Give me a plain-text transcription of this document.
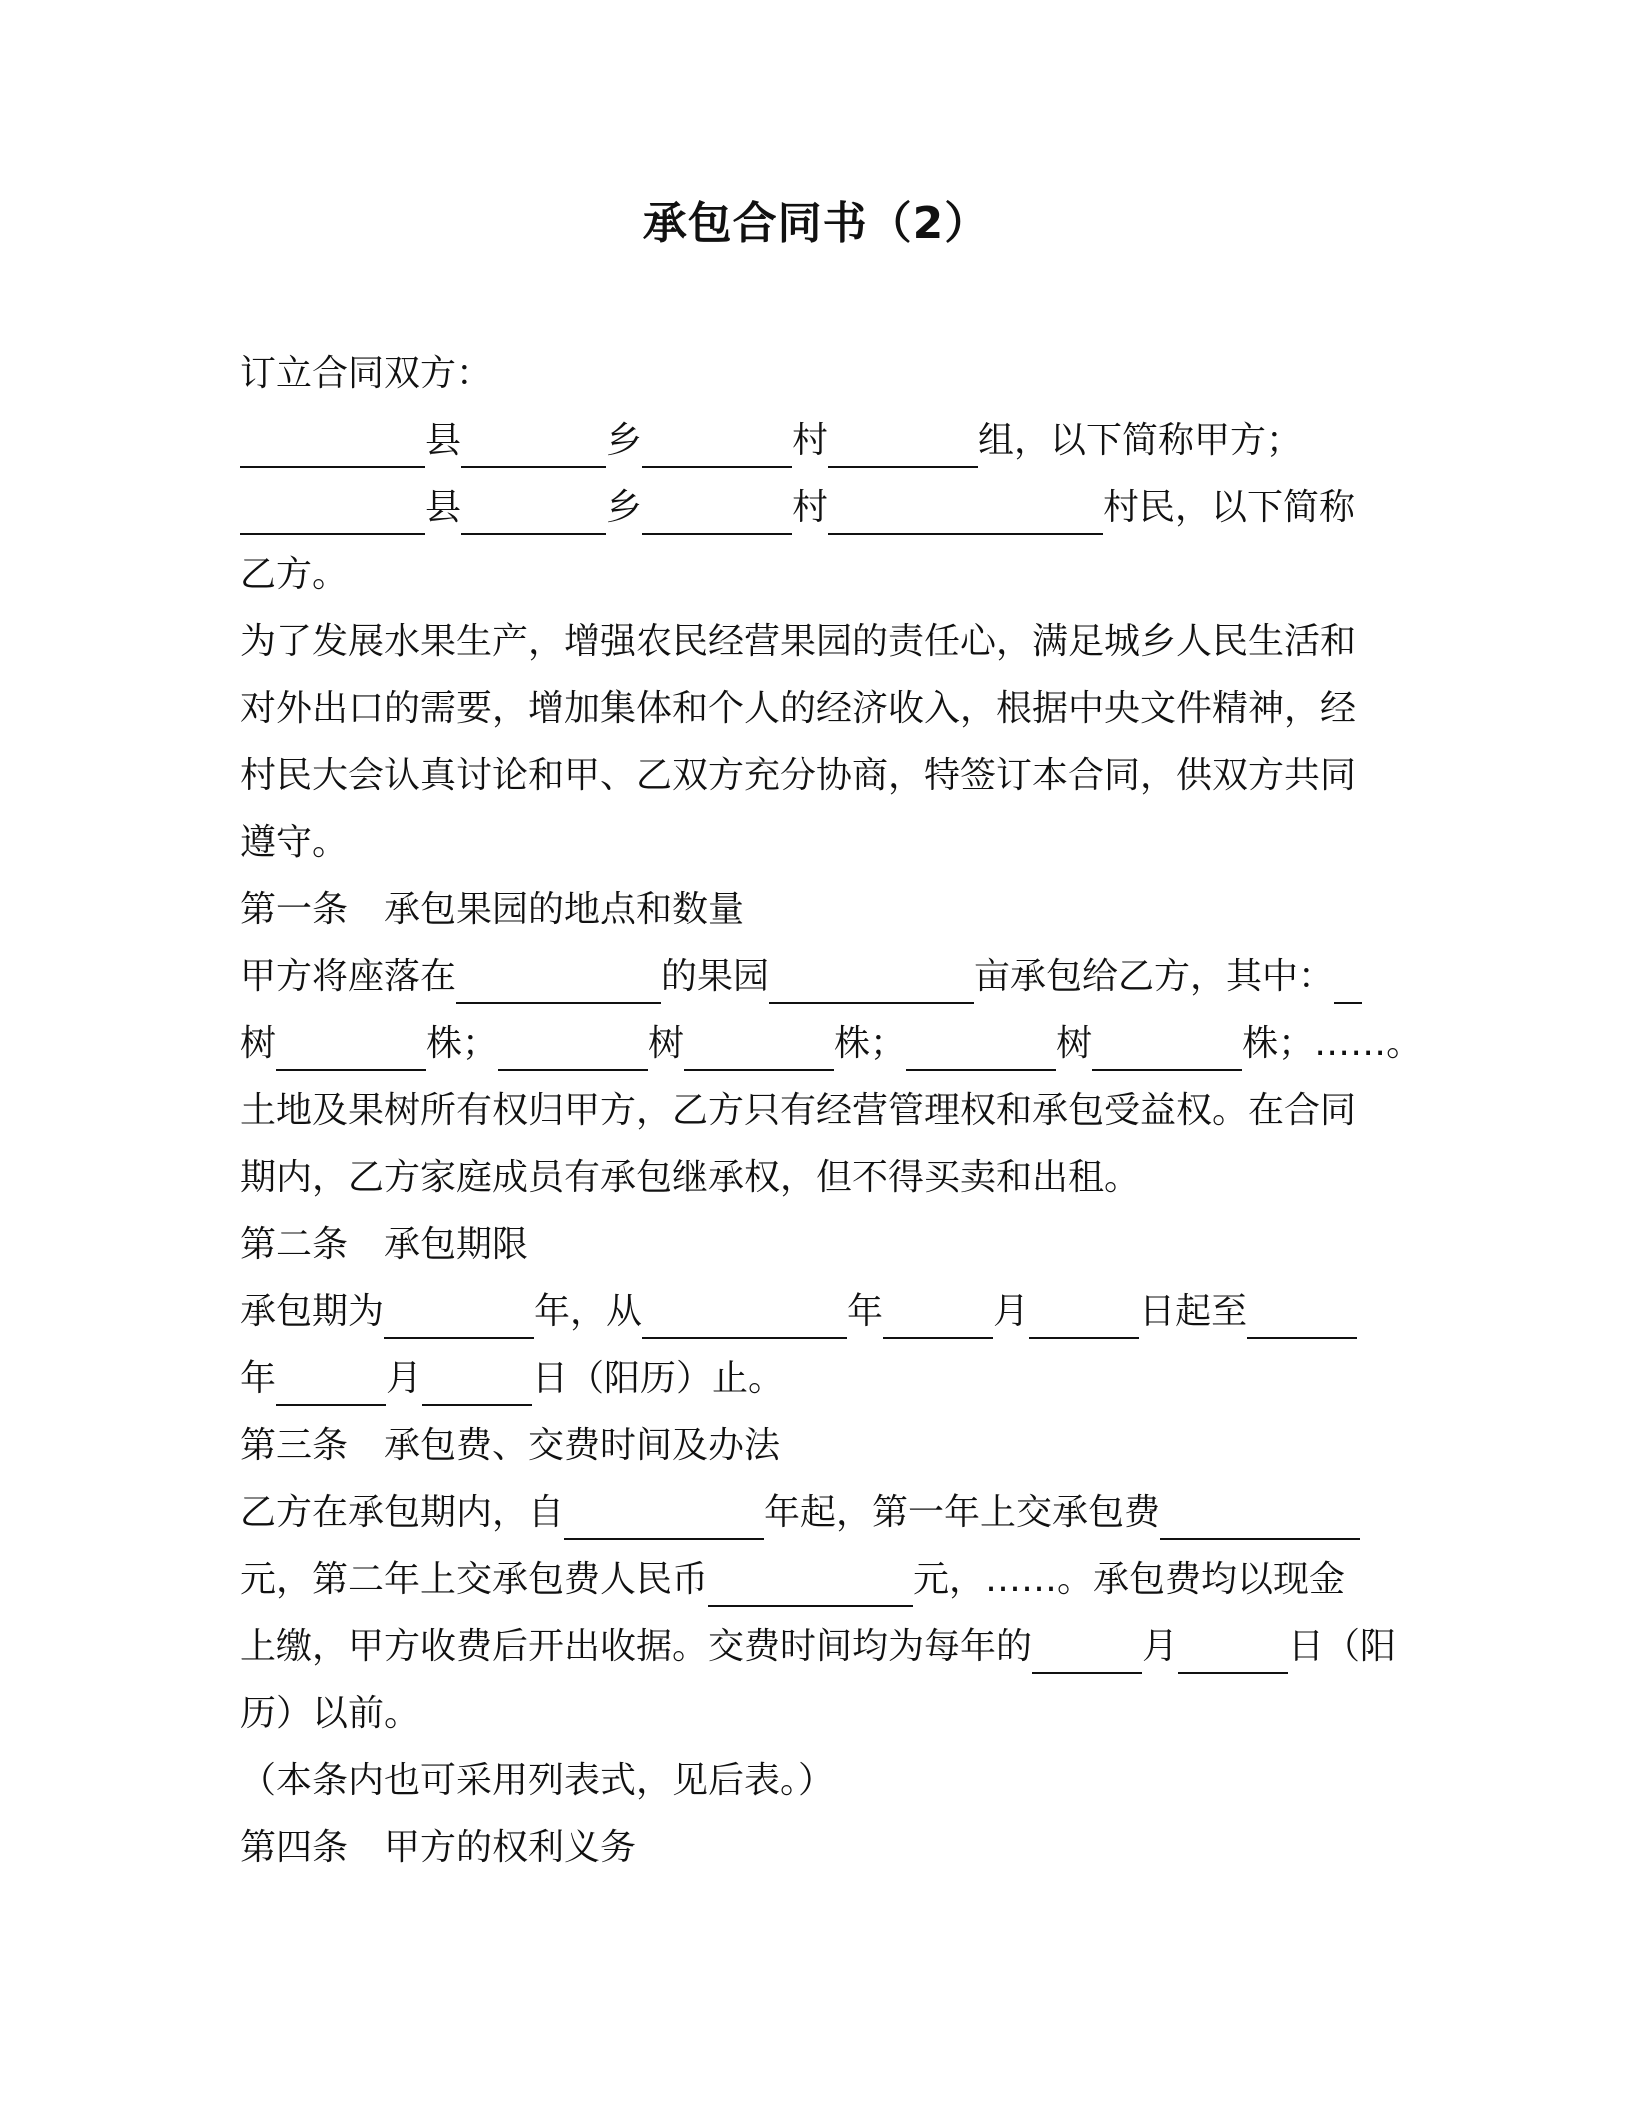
承包合同书（2）
订立合同双方：
县	乡	村	组，以下简称甲方；
县	乡	村	村民，以下简称
乙方。
为了发展水果生产，增强农民经营果园的责任心，满足城乡人民生活和
对外出口的需要，增加集体和个人的经济收入，根据中央文件精神，经
村民大会认真讨论和甲、乙双方充分协商，特签订本合同，供双方共同
遵守。
第一条　承包果园的地点和数量
甲方将座落在	的果园	亩承包给乙方，其中：
树	株；	树	株；	树	株；……。
土地及果树所有权归甲方，乙方只有经营管理权和承包受益权。在合同
期内，乙方家庭成员有承包继承权，但不得买卖和出租。
第二条　承包期限
承包期为	年，从	年	月	日起至
年	月	日（阳历）止。
第三条　承包费、交费时间及办法
乙方在承包期内，自	年起，第一年上交承包费
元，第二年上交承包费人民币	元，……。承包费均以现金
上缴，甲方收费后开出收据。交费时间均为每年的	月	日（阳
历）以前。
（本条内也可采用列表式，见后表。）
第四条　甲方的权利义务
